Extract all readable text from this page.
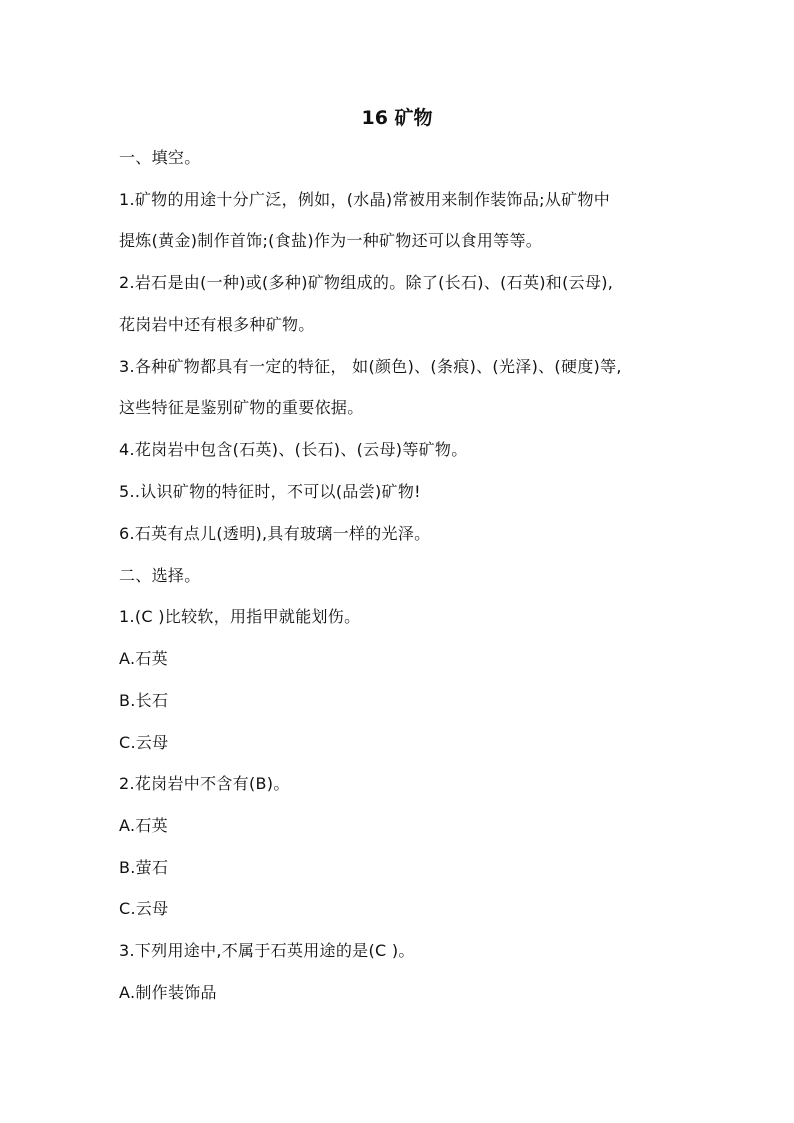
16 矿物

一、填空。

1.矿物的用途十分广泛，例如，(水晶)常被用来制作装饰品;从矿物中

提炼(黄金)制作首饰;(食盐)作为一种矿物还可以食用等等。

2.岩石是由(一种)或(多种)矿物组成的。除了(长石)、(石英)和(云母),

花岗岩中还有根多种矿物。

3.各种矿物都具有一定的特征， 如(颜色)、(条痕)、(光泽)、(硬度)等,

这些特征是鉴别矿物的重要依据。

4.花岗岩中包含(石英)、(长石)、(云母)等矿物。

5..认识矿物的特征时，不可以(品尝)矿物!

6.石英有点儿(透明),具有玻璃一样的光泽。

二、选择。

1.(C )比较软，用指甲就能划伤。

A.石英

B.长石

C.云母

2.花岗岩中不含有(B)。

A.石英

B.萤石

C.云母

3.下列用途中,不属于石英用途的是(C )。

A.制作装饰品
